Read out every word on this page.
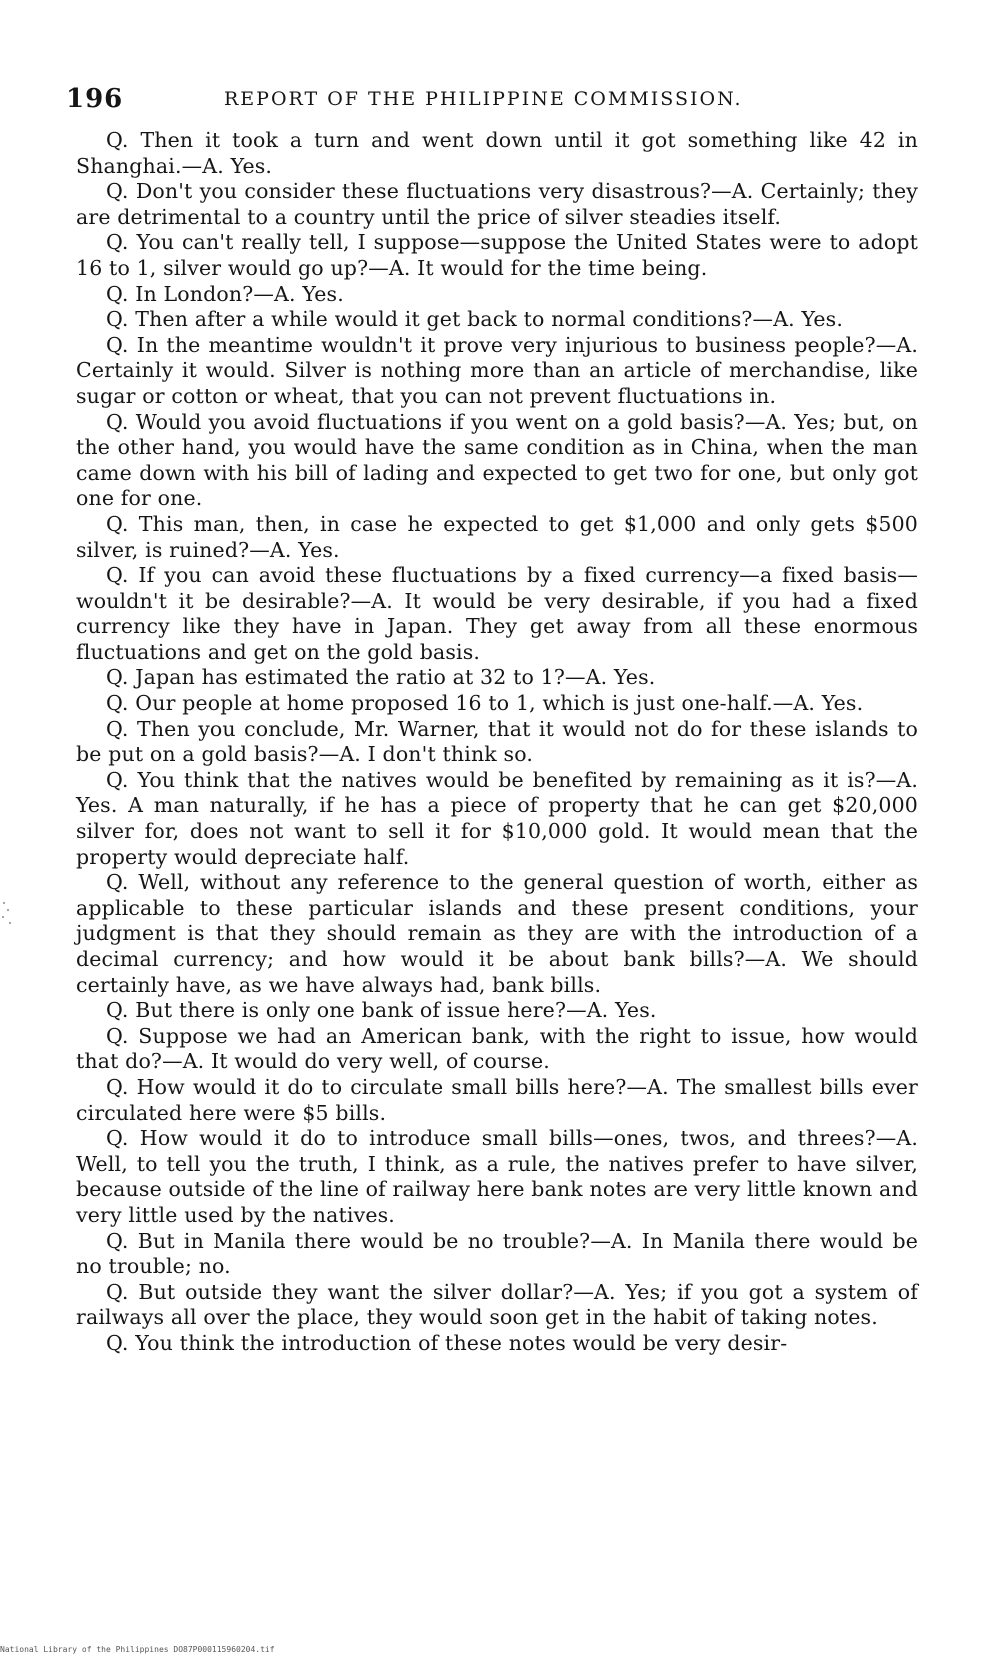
196	REPORT OF THE PHILIPPINE COMMISSION.

Q. Then it took a turn and went down until it got something like 42 in Shanghai.—A. Yes.

Q. Don't you consider these fluctuations very disastrous?—A. Certainly; they are detrimental to a country until the price of silver steadies itself.

Q. You can't really tell, I suppose—suppose the United States were to adopt 16 to 1, silver would go up?—A. It would for the time being.

Q. In London?—A. Yes.

Q. Then after a while would it get back to normal conditions?—A. Yes.

Q. In the meantime wouldn't it prove very injurious to business people?—A. Certainly it would. Silver is nothing more than an article of merchandise, like sugar or cotton or wheat, that you can not prevent fluctuations in.

Q. Would you avoid fluctuations if you went on a gold basis?—A. Yes; but, on the other hand, you would have the same condition as in China, when the man came down with his bill of lading and expected to get two for one, but only got one for one.

Q. This man, then, in case he expected to get $1,000 and only gets $500 silver, is ruined?—A. Yes.

Q. If you can avoid these fluctuations by a fixed currency—a fixed basis—wouldn't it be desirable?—A. It would be very desirable, if you had a fixed currency like they have in Japan. They get away from all these enormous fluctuations and get on the gold basis.

Q. Japan has estimated the ratio at 32 to 1?—A. Yes.

Q. Our people at home proposed 16 to 1, which is just one-half.—A. Yes.

Q. Then you conclude, Mr. Warner, that it would not do for these islands to be put on a gold basis?—A. I don't think so.

Q. You think that the natives would be benefited by remaining as it is?—A. Yes. A man naturally, if he has a piece of property that he can get $20,000 silver for, does not want to sell it for $10,000 gold. It would mean that the property would depreciate half.

Q. Well, without any reference to the general question of worth, either as applicable to these particular islands and these present conditions, your judgment is that they should remain as they are with the introduction of a decimal currency; and how would it be about bank bills?—A. We should certainly have, as we have always had, bank bills.

Q. But there is only one bank of issue here?—A. Yes.

Q. Suppose we had an American bank, with the right to issue, how would that do?—A. It would do very well, of course.

Q. How would it do to circulate small bills here?—A. The smallest bills ever circulated here were $5 bills.

Q. How would it do to introduce small bills—ones, twos, and threes?—A. Well, to tell you the truth, I think, as a rule, the natives prefer to have silver, because outside of the line of railway here bank notes are very little known and very little used by the natives.

Q. But in Manila there would be no trouble?—A. In Manila there would be no trouble; no.

Q. But outside they want the silver dollar?—A. Yes; if you got a system of railways all over the place, they would soon get in the habit of taking notes.

Q. You think the introduction of these notes would be very desir-

National Library of the Philippines DO87P000115960204.tif
